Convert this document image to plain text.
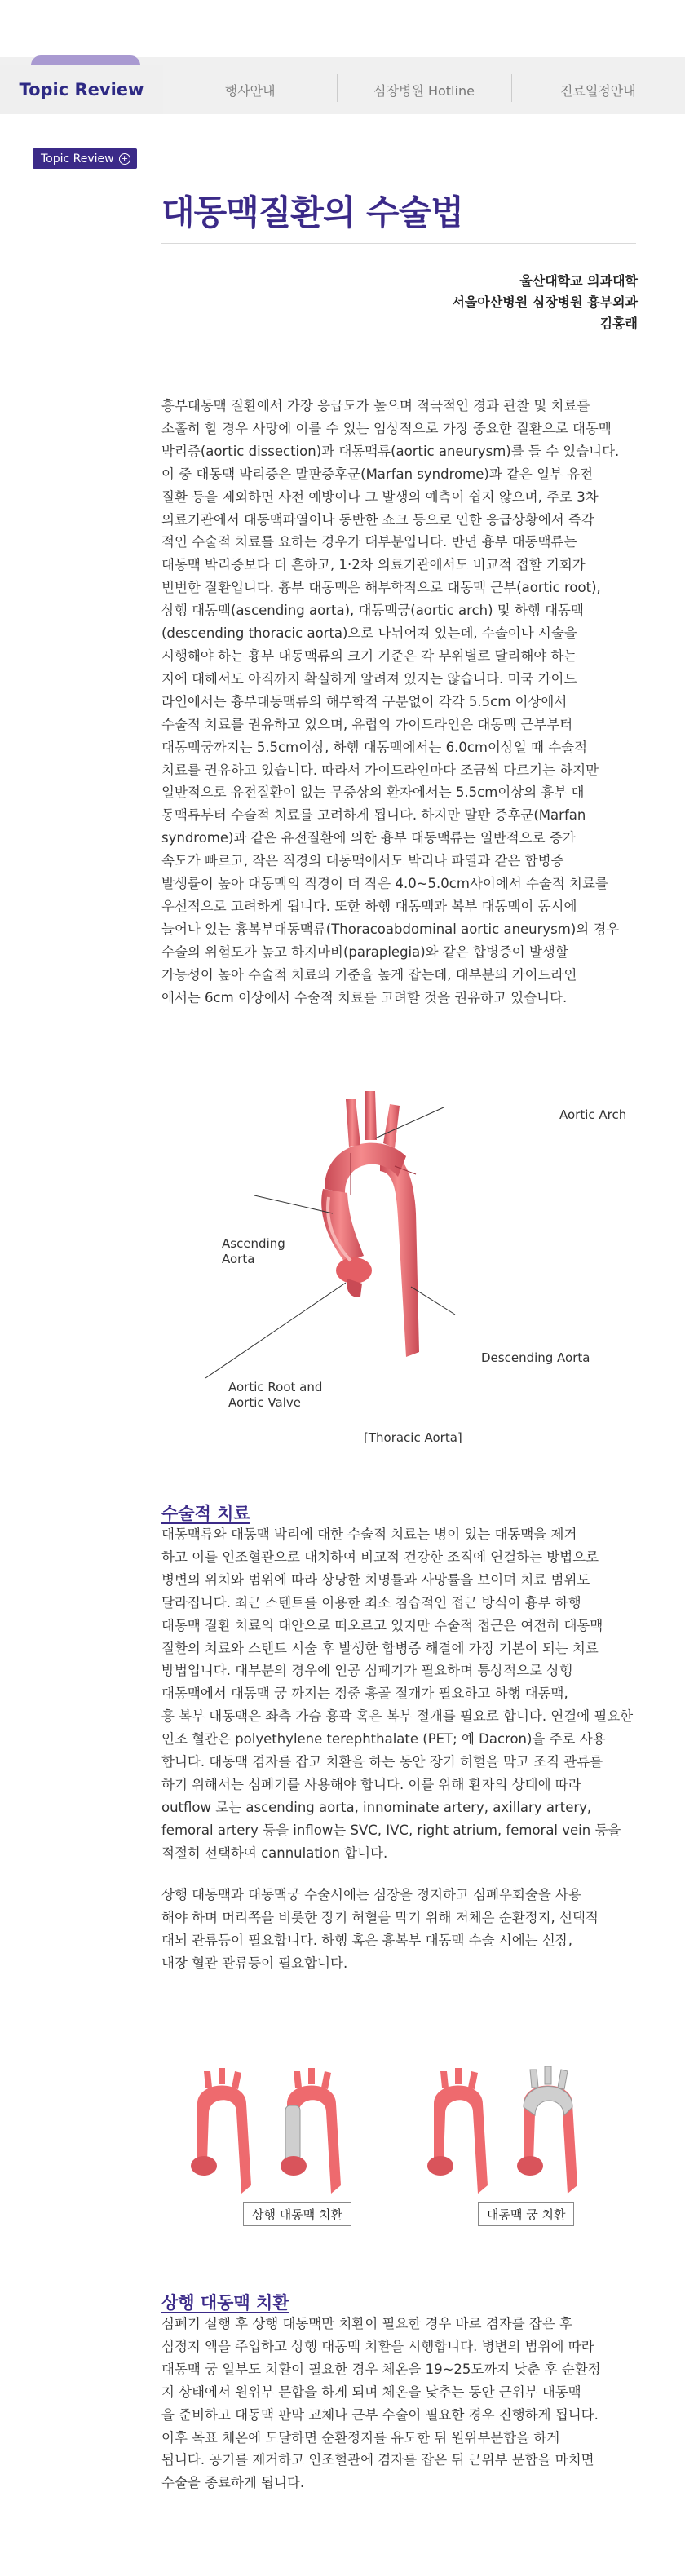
Topic Review	행사안내	심장병원 Hotline	진료일정안내
Topic Review +
대동맥질환의 수술법
울산대학교 의과대학
서울아산병원 심장병원 흉부외과
김홍래
흉부대동맥 질환에서 가장 응급도가 높으며 적극적인 경과 관찰 및 치료를
소홀히 할 경우 사망에 이를 수 있는 임상적으로 가장 중요한 질환으로 대동맥
박리증(aortic dissection)과 대동맥류(aortic aneurysm)를 들 수 있습니다.
이 중 대동맥 박리증은 말판증후군(Marfan syndrome)과 같은 일부 유전
질환 등을 제외하면 사전 예방이나 그 발생의 예측이 쉽지 않으며, 주로 3차
의료기관에서 대동맥파열이나 동반한 쇼크 등으로 인한 응급상황에서 즉각
적인 수술적 치료를 요하는 경우가 대부분입니다. 반면 흉부 대동맥류는
대동맥 박리증보다 더 흔하고, 1·2차 의료기관에서도 비교적 접할 기회가
빈번한 질환입니다. 흉부 대동맥은 해부학적으로 대동맥 근부(aortic root),
상행 대동맥(ascending aorta), 대동맥궁(aortic arch) 및 하행 대동맥
(descending thoracic aorta)으로 나뉘어져 있는데, 수술이나 시술을
시행해야 하는 흉부 대동맥류의 크기 기준은 각 부위별로 달리해야 하는
지에 대해서도 아직까지 확실하게 알려져 있지는 않습니다. 미국 가이드
라인에서는 흉부대동맥류의 해부학적 구분없이 각각 5.5cm 이상에서
수술적 치료를 권유하고 있으며, 유럽의 가이드라인은 대동맥 근부부터
대동맥궁까지는 5.5cm이상, 하행 대동맥에서는 6.0cm이상일 때 수술적
치료를 권유하고 있습니다. 따라서 가이드라인마다 조금씩 다르기는 하지만
일반적으로 유전질환이 없는 무증상의 환자에서는 5.5cm이상의 흉부 대
동맥류부터 수술적 치료를 고려하게 됩니다. 하지만 말판 증후군(Marfan
syndrome)과 같은 유전질환에 의한 흉부 대동맥류는 일반적으로 증가
속도가 빠르고, 작은 직경의 대동맥에서도 박리나 파열과 같은 합병증
발생률이 높아 대동맥의 직경이 더 작은 4.0~5.0cm사이에서 수술적 치료를
우선적으로 고려하게 됩니다. 또한 하행 대동맥과 복부 대동맥이 동시에
늘어나 있는 흉복부대동맥류(Thoracoabdominal aortic aneurysm)의 경우
수술의 위험도가 높고 하지마비(paraplegia)와 같은 합병증이 발생할
가능성이 높아 수술적 치료의 기준을 높게 잡는데, 대부분의 가이드라인
에서는 6cm 이상에서 수술적 치료를 고려할 것을 권유하고 있습니다.
Aortic Arch
Ascending
Aorta
Descending Aorta
Aortic Root and
Aortic Valve
[Thoracic Aorta]
수술적 치료
대동맥류와 대동맥 박리에 대한 수술적 치료는 병이 있는 대동맥을 제거
하고 이를 인조혈관으로 대치하여 비교적 건강한 조직에 연결하는 방법으로
병변의 위치와 범위에 따라 상당한 치명률과 사망률을 보이며 치료 범위도
달라집니다. 최근 스텐트를 이용한 최소 침습적인 접근 방식이 흉부 하행
대동맥 질환 치료의 대안으로 떠오르고 있지만 수술적 접근은 여전히 대동맥
질환의 치료와 스텐트 시술 후 발생한 합병증 해결에 가장 기본이 되는 치료
방법입니다. 대부분의 경우에 인공 심폐기가 필요하며 통상적으로 상행
대동맥에서 대동맥 궁 까지는 정중 흉골 절개가 필요하고 하행 대동맥,
흉 복부 대동맥은 좌측 가슴 흉곽 혹은 복부 절개를 필요로 합니다. 연결에 필요한
인조 혈관은 polyethylene terephthalate (PET; 예 Dacron)을 주로 사용
합니다. 대동맥 겸자를 잡고 치환을 하는 동안 장기 허혈을 막고 조직 관류를
하기 위해서는 심폐기를 사용해야 합니다. 이를 위해 환자의 상태에 따라
outflow 로는 ascending aorta, innominate artery, axillary artery,
femoral artery 등을 inflow는 SVC, IVC, right atrium, femoral vein 등을
적절히 선택하여 cannulation 합니다.
상행 대동맥과 대동맥궁 수술시에는 심장을 정지하고 심폐우회술을 사용
해야 하며 머리쪽을 비롯한 장기 허혈을 막기 위해 저체온 순환정지, 선택적
대뇌 관류등이 필요합니다. 하행 혹은 흉복부 대동맥 수술 시에는 신장,
내장 혈관 관류등이 필요합니다.
상행 대동맥 치환	대동맥 궁 치환
상행 대동맥 치환
심폐기 실행 후 상행 대동맥만 치환이 필요한 경우 바로 겸자를 잡은 후
심정지 액을 주입하고 상행 대동맥 치환을 시행합니다. 병변의 범위에 따라
대동맥 궁 일부도 치환이 필요한 경우 체온을 19~25도까지 낮춘 후 순환정
지 상태에서 원위부 문합을 하게 되며 체온을 낮추는 동안 근위부 대동맥
을 준비하고 대동맥 판막 교체나 근부 수술이 필요한 경우 진행하게 됩니다.
이후 목표 체온에 도달하면 순환정지를 유도한 뒤 원위부문합을 하게
됩니다. 공기를 제거하고 인조혈관에 겸자를 잡은 뒤 근위부 문합을 마치면
수술을 종료하게 됩니다.
